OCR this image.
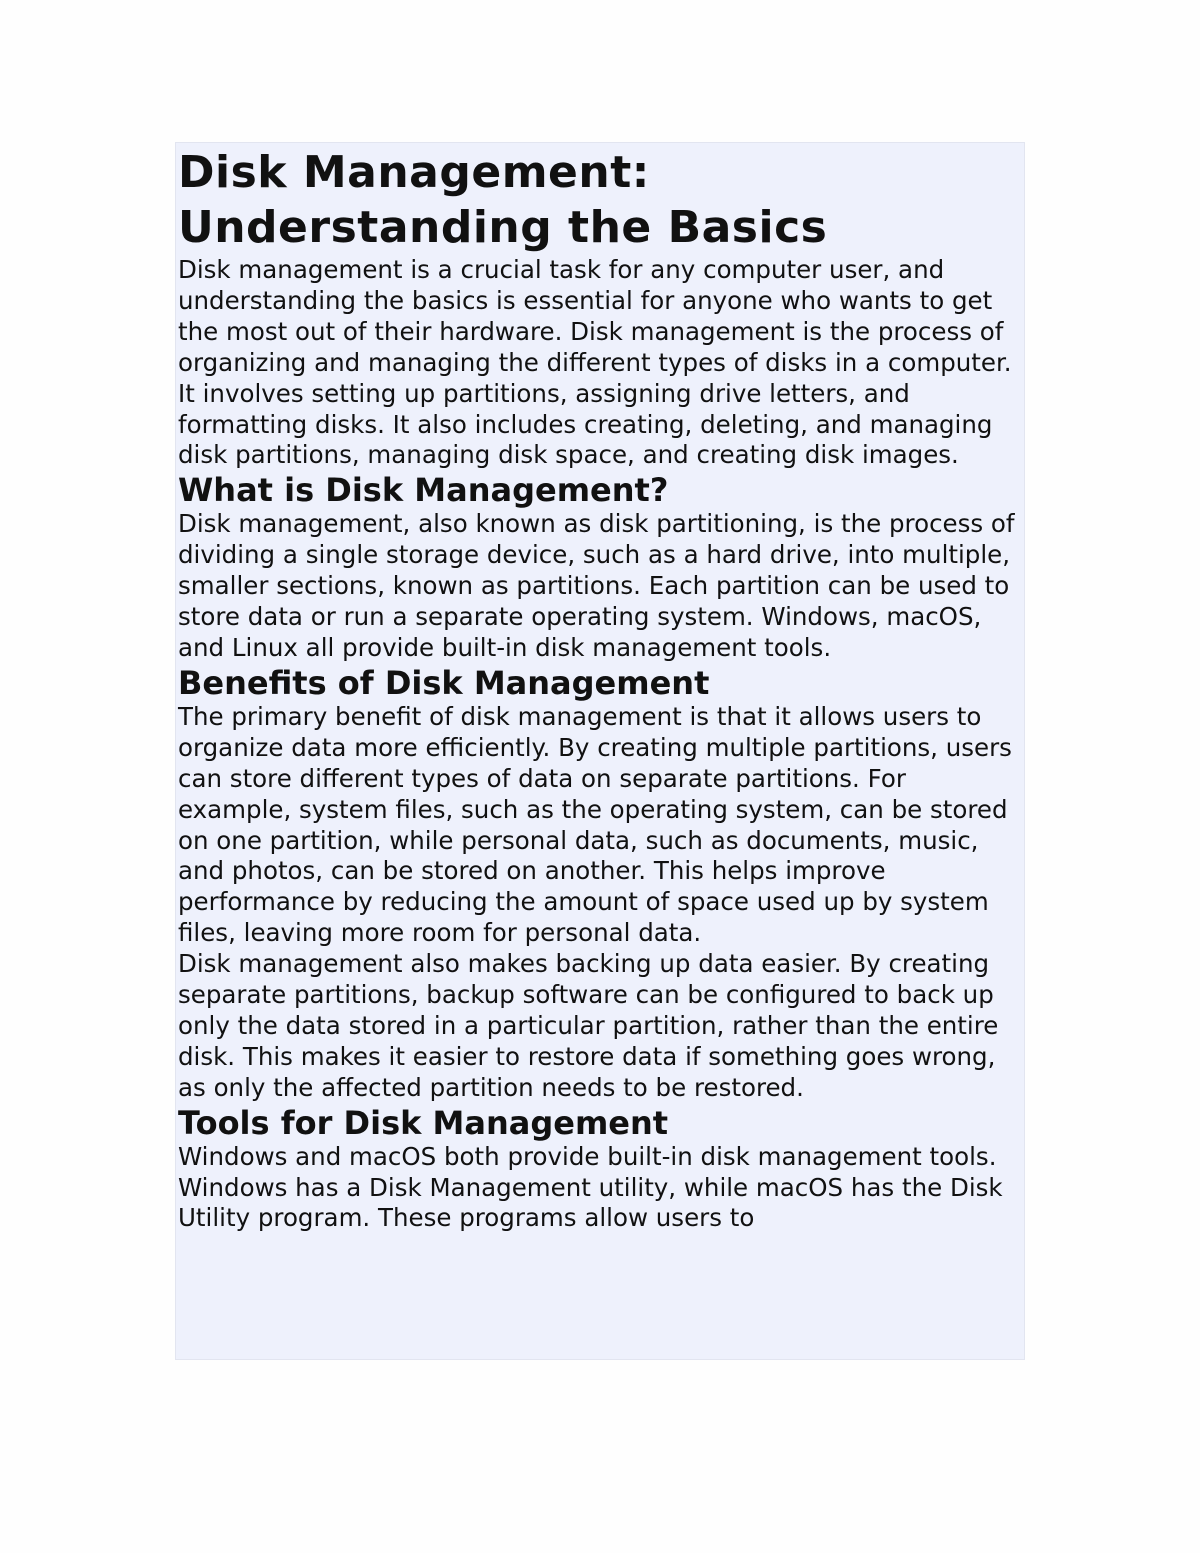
Disk Management:
Understanding the Basics

Disk management is a crucial task for any computer user, and understanding the basics is essential for anyone who wants to get the most out of their hardware. Disk management is the process of organizing and managing the different types of disks in a computer. It involves setting up partitions, assigning drive letters, and formatting disks. It also includes creating, deleting, and managing disk partitions, managing disk space, and creating disk images.

What is Disk Management?

Disk management, also known as disk partitioning, is the process of dividing a single storage device, such as a hard drive, into multiple, smaller sections, known as partitions. Each partition can be used to store data or run a separate operating system. Windows, macOS, and Linux all provide built-in disk management tools.

Benefits of Disk Management

The primary benefit of disk management is that it allows users to organize data more efficiently. By creating multiple partitions, users can store different types of data on separate partitions. For example, system files, such as the operating system, can be stored on one partition, while personal data, such as documents, music, and photos, can be stored on another. This helps improve performance by reducing the amount of space used up by system files, leaving more room for personal data.

Disk management also makes backing up data easier. By creating separate partitions, backup software can be configured to back up only the data stored in a particular partition, rather than the entire disk. This makes it easier to restore data if something goes wrong, as only the affected partition needs to be restored.

Tools for Disk Management

Windows and macOS both provide built-in disk management tools. Windows has a Disk Management utility, while macOS has the Disk Utility program. These programs allow users to
